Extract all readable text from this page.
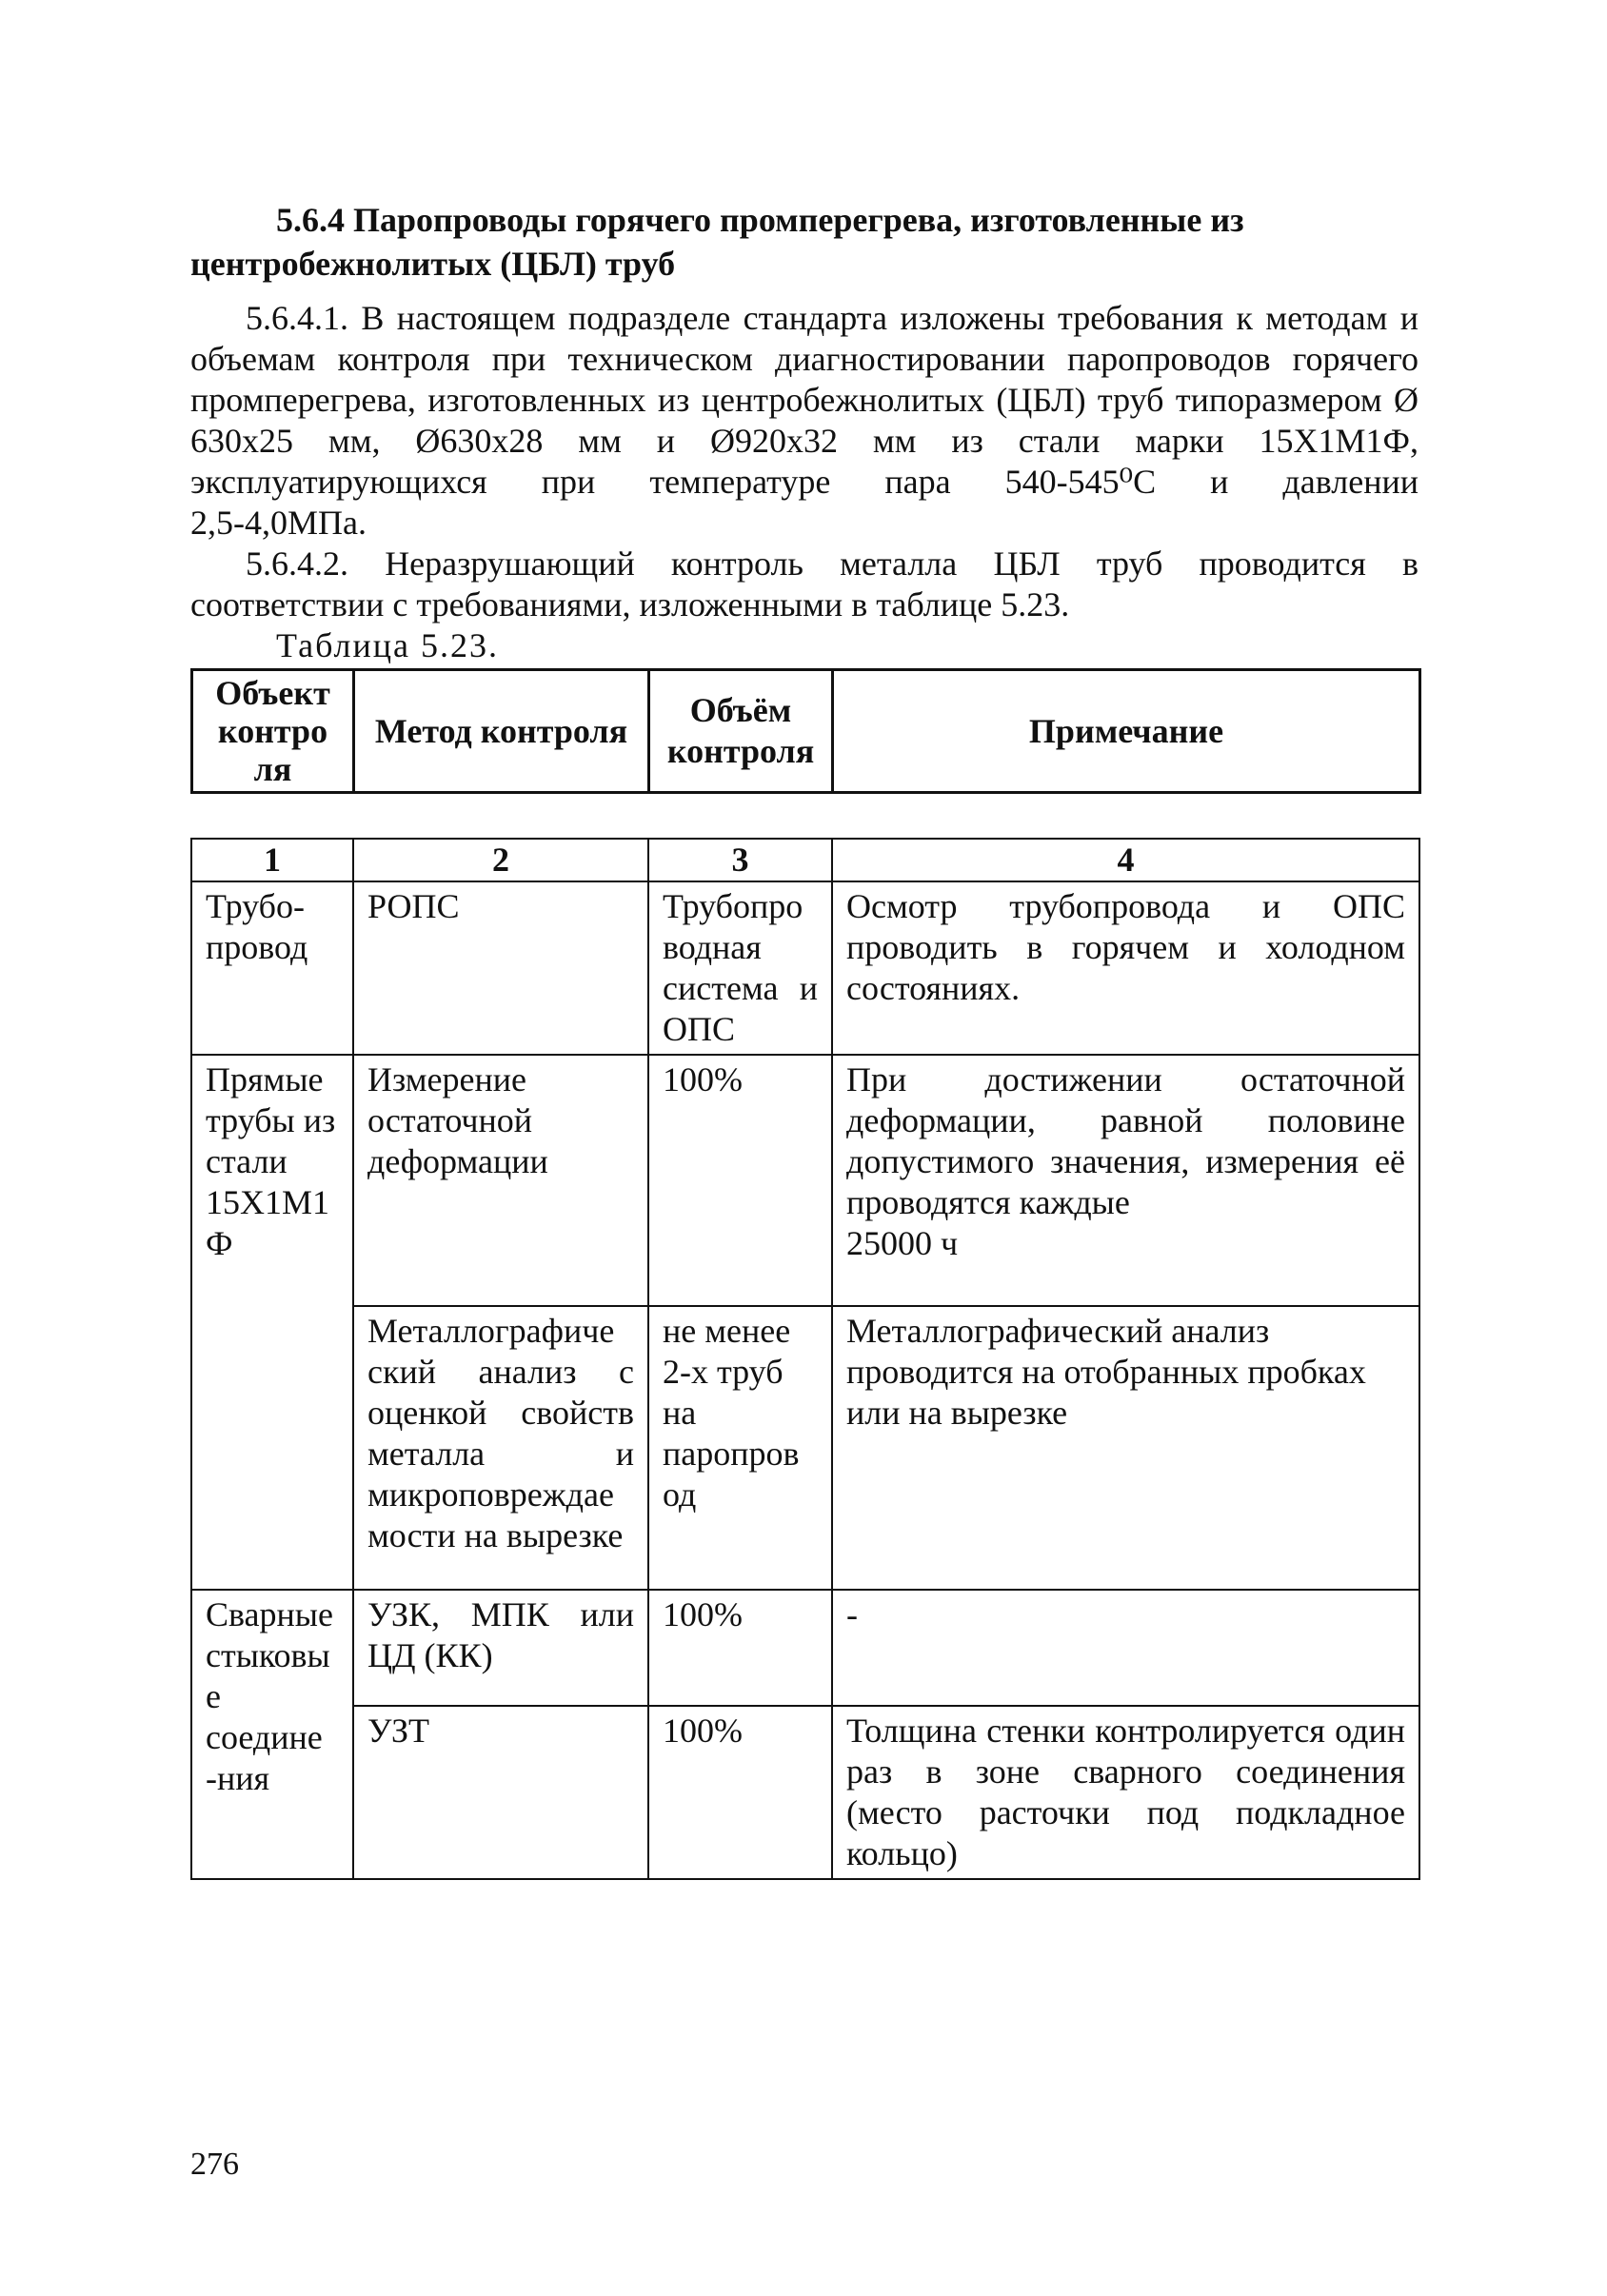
5.6.4 Паропроводы горячего промперегрева, изготовленные из
центробежнолитых (ЦБЛ) труб

5.6.4.1. В настоящем подразделе стандарта изложены требования к методам и объемам контроля при техническом диагностировании паропроводов горячего промперегрева, изготовленных из центробежнолитых (ЦБЛ) труб типоразмером Ø 630х25 мм, Ø630х28 мм и Ø920х32 мм из стали марки 15Х1М1Ф, эксплуатирующихся при температуре пара 540-545⁰С и давлении
2,5-4,0МПа.

5.6.4.2. Неразрушающий контроль металла ЦБЛ труб проводится в
соответствии с требованиями, изложенными в таблице 5.23.

Таблица 5.23.
Объект контро ля	Метод контроля	Объём контроля	Примечание
1	2	3	4
Трубо-провод	РОПС	Трубопро водная система и ОПС	Осмотр трубопровода и ОПС проводить в горячем и холодном состояниях.
Прямые трубы из стали 15Х1М1 Ф	Измерение остаточной деформации	100%	При достижении остаточной деформации, равной половине допустимого значения, измерения её проводятся каждые
25000 ч

	Металлографиче ский анализ с оценкой свойств металла и микроповреждае мости на вырезке	не менее 2-х труб на паропров од	Металлографический анализ проводится на отобранных пробках или на вырезке
Сварные стыковы е соедине -ния	УЗК, МПК или ЦД (КК)	100%	-
	УЗТ	100%	Толщина стенки контролируется один раз в зоне сварного соединения (место расточки под подкладное кольцо)
276
